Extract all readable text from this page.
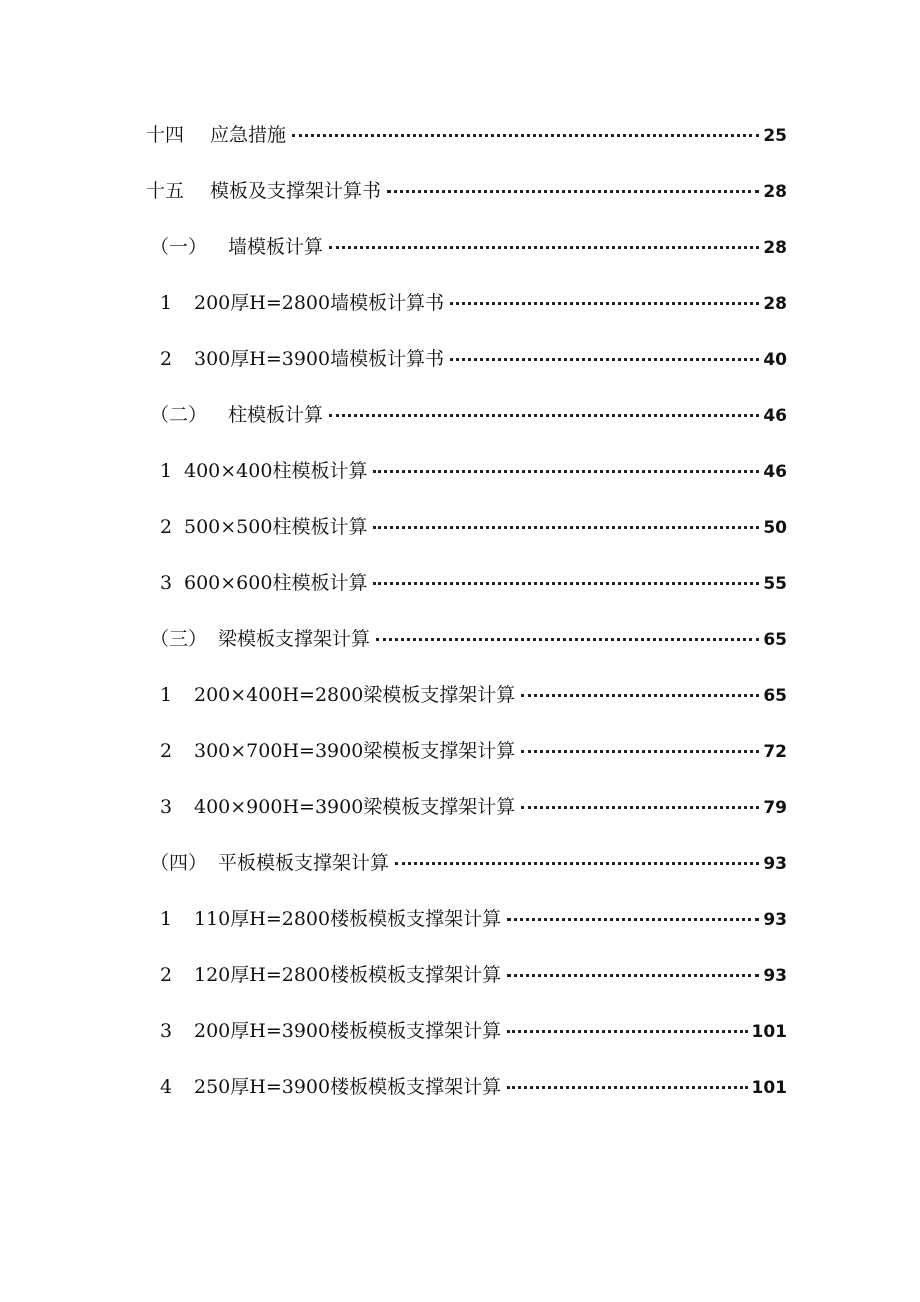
十四	应急措施	25
十五	模板及支撑架计算书	28
（一）	墙模板计算	28
1	200厚H=2800墙模板计算书	28
2	300厚H=3900墙模板计算书	40
（二）	柱模板计算	46
1 400×400柱模板计算	46
2 500×500柱模板计算	50
3 600×600柱模板计算	55
（三） 梁模板支撑架计算	65
1	200×400H=2800梁模板支撑架计算	65
2	300×700H=3900梁模板支撑架计算	72
3	400×900H=3900梁模板支撑架计算	79
（四） 平板模板支撑架计算	93
1	110厚H=2800楼板模板支撑架计算	93
2	120厚H=2800楼板模板支撑架计算	93
3	200厚H=3900楼板模板支撑架计算	101
4	250厚H=3900楼板模板支撑架计算	101
